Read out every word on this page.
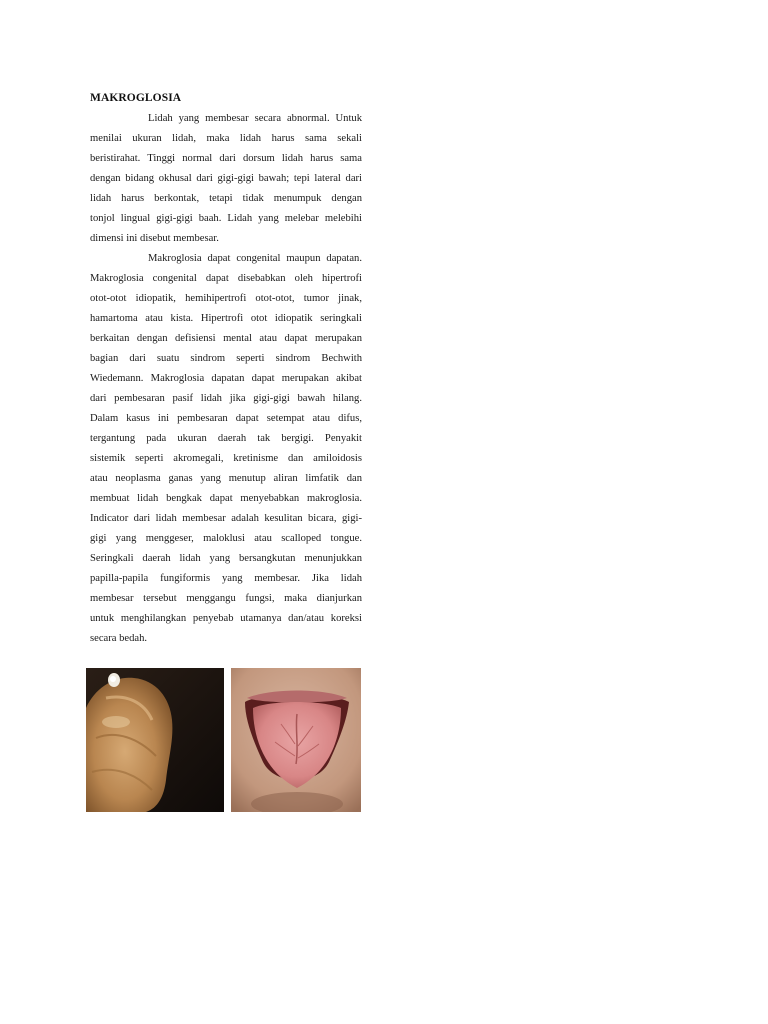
MAKROGLOSIA
Lidah yang membesar secara abnormal. Untuk
menilai ukuran lidah, maka lidah harus sama sekali
beristirahat. Tinggi normal dari dorsum lidah harus sama
dengan bidang okhusal dari gigi-gigi bawah; tepi lateral dari
lidah harus berkontak, tetapi tidak menumpuk dengan
tonjol lingual gigi-gigi baah. Lidah yang melebar melebihi
dimensi ini disebut membesar.
Makroglosia dapat congenital maupun dapatan.
Makroglosia congenital dapat disebabkan oleh hipertrofi
otot-otot idiopatik, hemihipertrofi otot-otot, tumor jinak,
hamartoma atau kista. Hipertrofi otot idiopatik seringkali
berkaitan dengan defisiensi mental atau dapat merupakan
bagian dari suatu sindrom seperti sindrom Bechwith
Wiedemann. Makroglosia dapatan dapat merupakan akibat
dari pembesaran pasif lidah jika gigi-gigi bawah hilang.
Dalam kasus ini pembesaran dapat setempat atau difus,
tergantung pada ukuran daerah tak bergigi. Penyakit
sistemik seperti akromegali, kretinisme dan amiloidosis
atau neoplasma ganas yang menutup aliran limfatik dan
membuat lidah bengkak dapat menyebabkan makroglosia.
Indicator dari lidah membesar adalah kesulitan bicara, gigi-
gigi yang menggeser, maloklusi atau scalloped tongue.
Seringkali daerah lidah yang bersangkutan menunjukkan
papilla-papila fungiformis yang membesar. Jika lidah
membesar tersebut menggangu fungsi, maka dianjurkan
untuk menghilangkan penyebab utamanya dan/atau koreksi
secara bedah.
